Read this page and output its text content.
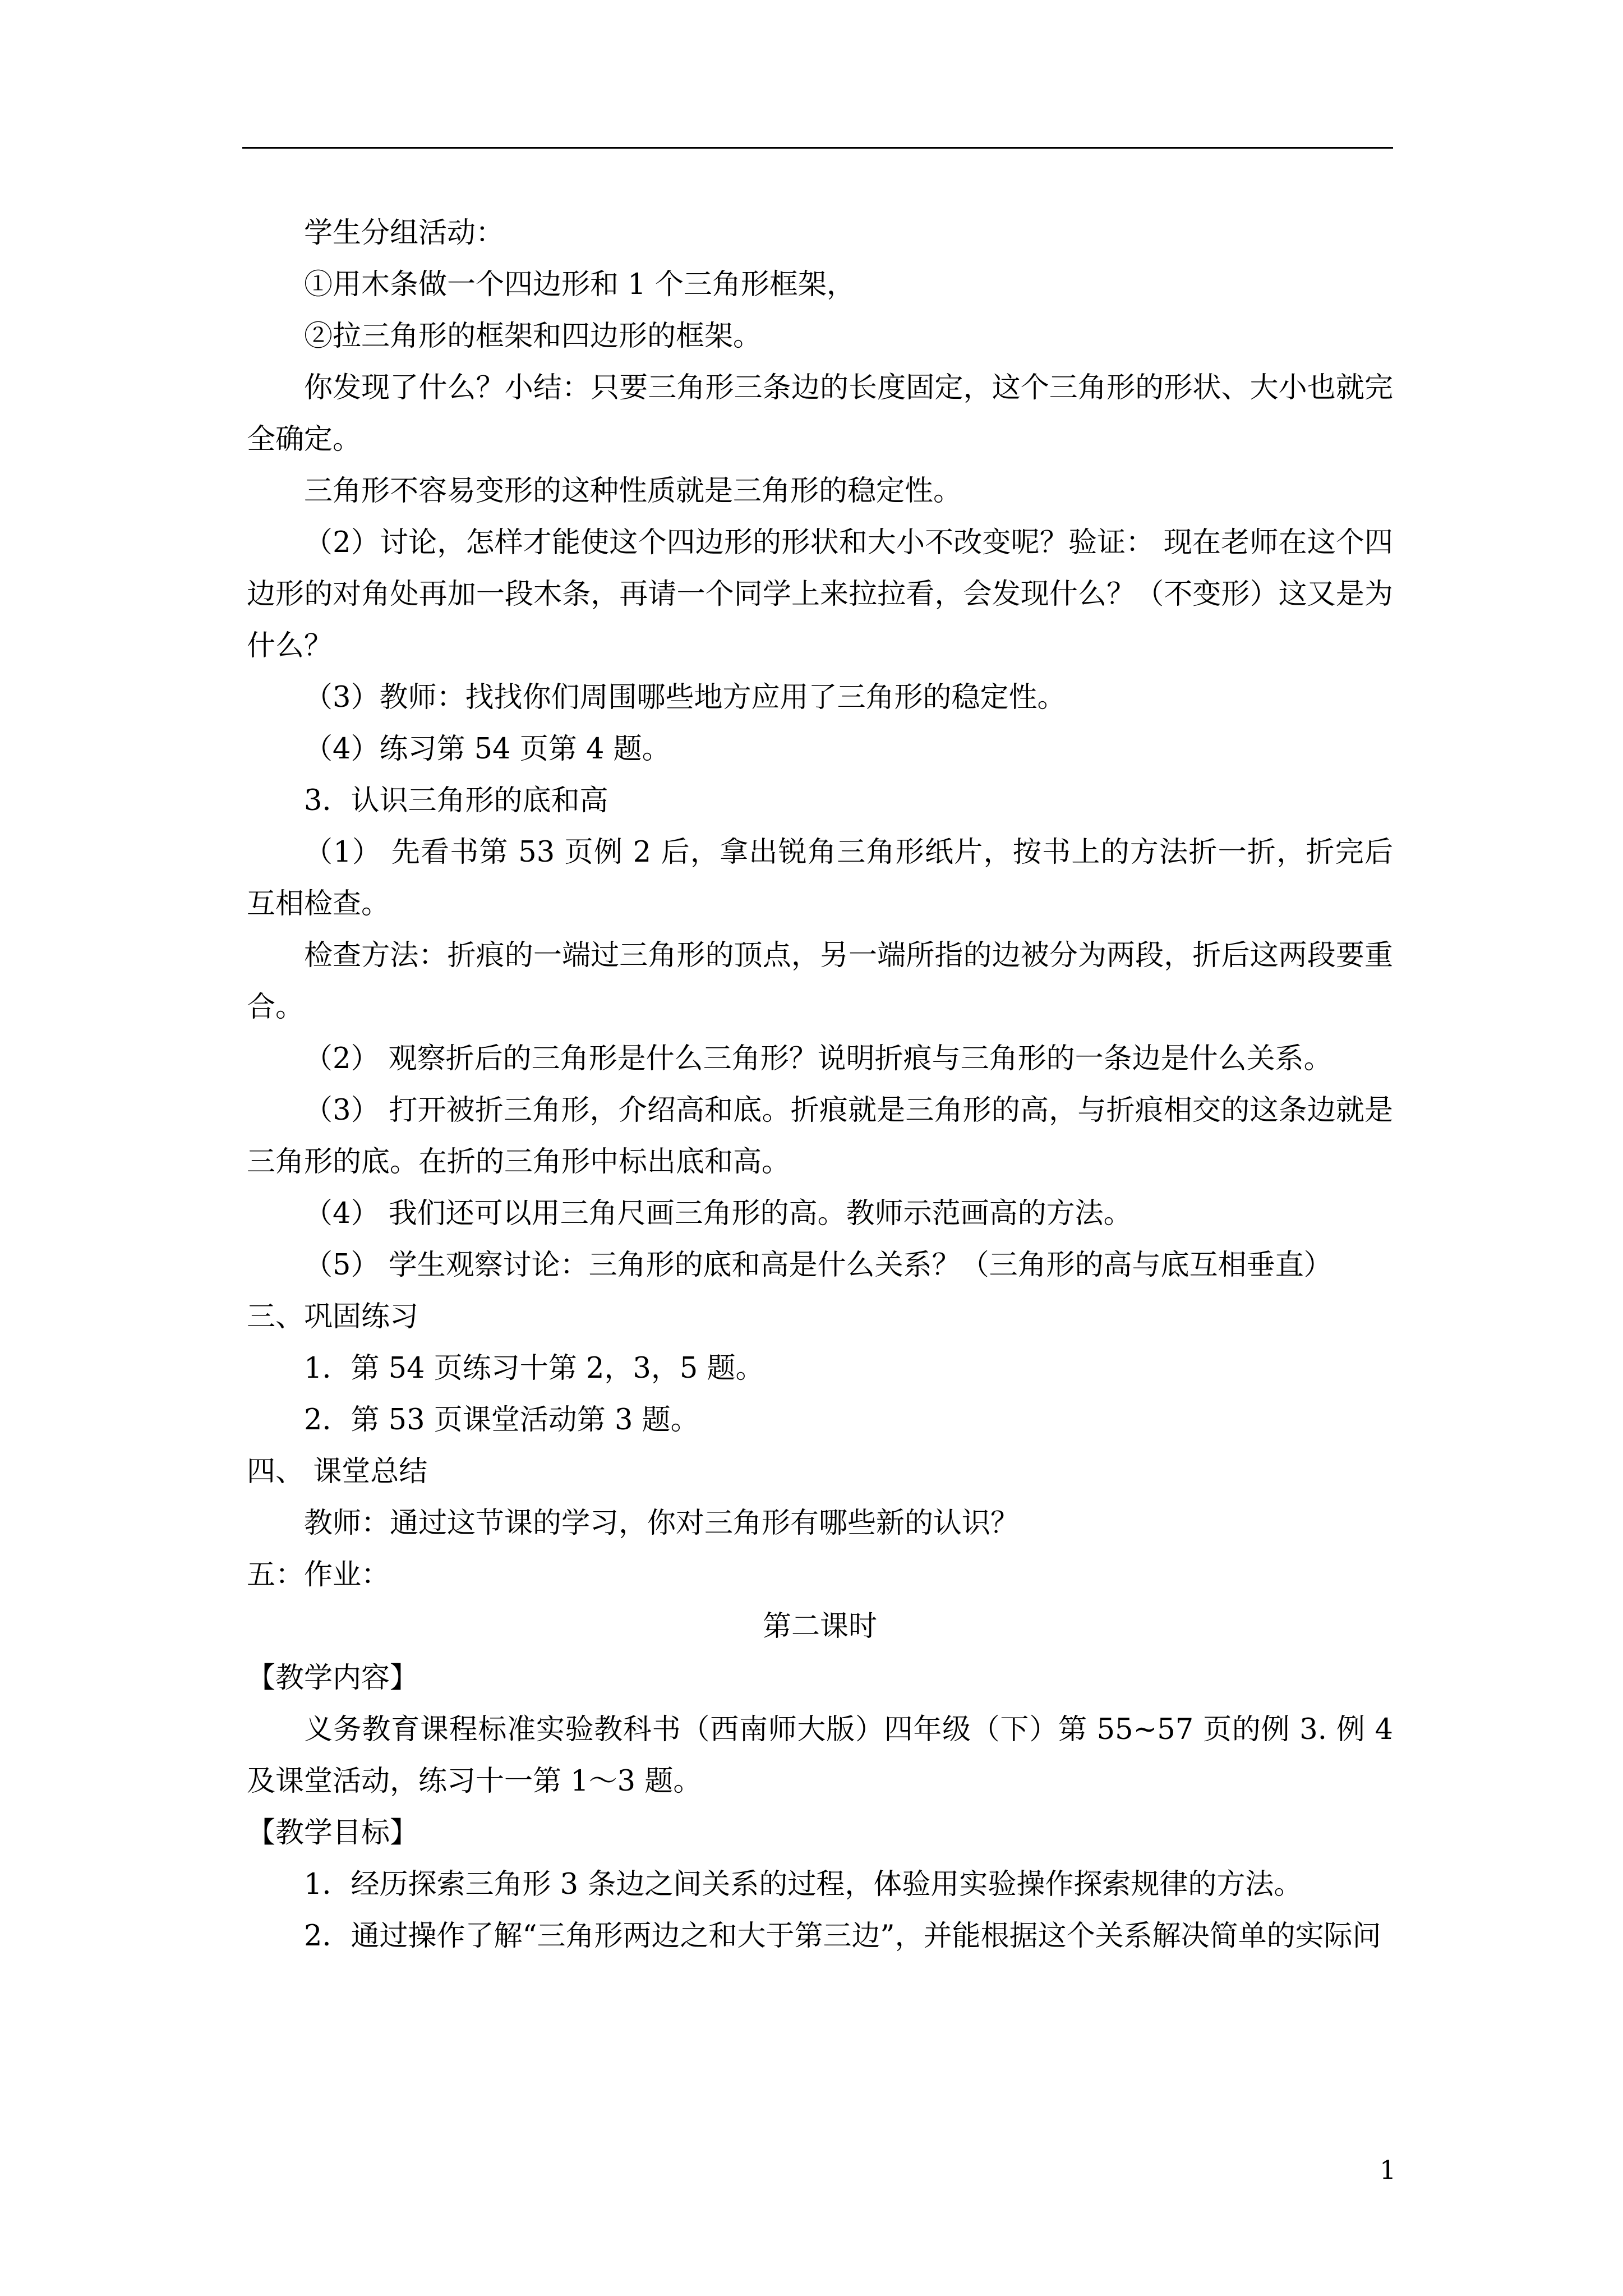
学生分组活动：

①用木条做一个四边形和 1 个三角形框架，

②拉三角形的框架和四边形的框架。

你发现了什么？小结：只要三角形三条边的长度固定，这个三角形的形状、大小也就完全确定。

三角形不容易变形的这种性质就是三角形的稳定性。

（2）讨论，怎样才能使这个四边形的形状和大小不改变呢？验证： 现在老师在这个四边形的对角处再加一段木条，再请一个同学上来拉拉看，会发现什么？（不变形）这又是为什么？

（3）教师：找找你们周围哪些地方应用了三角形的稳定性。

（4）练习第 54 页第 4 题。

3．认识三角形的底和高

（1） 先看书第 53 页例 2 后，拿出锐角三角形纸片，按书上的方法折一折，折完后互相检查。

检查方法：折痕的一端过三角形的顶点，另一端所指的边被分为两段，折后这两段要重合。

（2） 观察折后的三角形是什么三角形？说明折痕与三角形的一条边是什么关系。

（3） 打开被折三角形，介绍高和底。折痕就是三角形的高，与折痕相交的这条边就是三角形的底。在折的三角形中标出底和高。

（4） 我们还可以用三角尺画三角形的高。教师示范画高的方法。

（5） 学生观察讨论：三角形的底和高是什么关系？（三角形的高与底互相垂直）

三、巩固练习

1．第 54 页练习十第 2，3，5 题。

2．第 53 页课堂活动第 3 题。

四、 课堂总结

教师：通过这节课的学习，你对三角形有哪些新的认识？

五：作业：

第二课时

【教学内容】

义务教育课程标准实验教科书（西南师大版）四年级（下）第 55~57 页的例 3. 例 4 及课堂活动，练习十一第 1～3 题。

【教学目标】

1．经历探索三角形 3 条边之间关系的过程，体验用实验操作探索规律的方法。

2．通过操作了解“三角形两边之和大于第三边”，并能根据这个关系解决简单的实际问

1
